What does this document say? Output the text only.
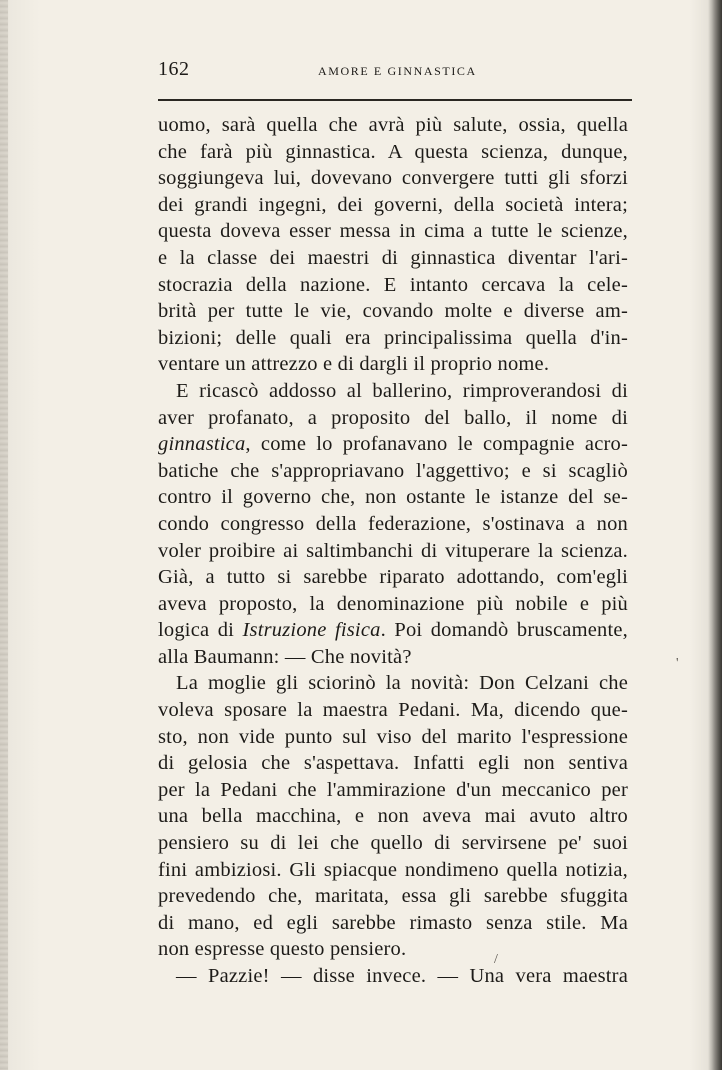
162	AMORE E GINNASTICA
uomo, sarà quella che avrà più salute, ossia, quella
che farà più ginnastica. A questa scienza, dunque,
soggiungeva lui, dovevano convergere tutti gli sforzi
dei grandi ingegni, dei governi, della società intera;
questa doveva esser messa in cima a tutte le scienze,
e la classe dei maestri di ginnastica diventar l'ari-
stocrazia della nazione. E intanto cercava la cele-
brità per tutte le vie, covando molte e diverse am-
bizioni; delle quali era principalissima quella d'in-
ventare un attrezzo e di dargli il proprio nome.
E ricascò addosso al ballerino, rimproverandosi di
aver profanato, a proposito del ballo, il nome di
ginnastica, come lo profanavano le compagnie acro-
batiche che s'appropriavano l'aggettivo; e si scagliò
contro il governo che, non ostante le istanze del se-
condo congresso della federazione, s'ostinava a non
voler proibire ai saltimbanchi di vituperare la scienza.
Già, a tutto si sarebbe riparato adottando, com'egli
aveva proposto, la denominazione più nobile e più
logica di Istruzione fisica. Poi domandò bruscamente,
alla Baumann: — Che novità?
La moglie gli sciorinò la novità: Don Celzani che
voleva sposare la maestra Pedani. Ma, dicendo que-
sto, non vide punto sul viso del marito l'espressione
di gelosia che s'aspettava. Infatti egli non sentiva
per la Pedani che l'ammirazione d'un meccanico per
una bella macchina, e non aveva mai avuto altro
pensiero su di lei che quello di servirsene pe' suoi
fini ambiziosi. Gli spiacque nondimeno quella notizia,
prevedendo che, maritata, essa gli sarebbe sfuggita
di mano, ed egli sarebbe rimasto senza stile. Ma
non espresse questo pensiero.
— Pazzie! — disse invece. — Una vera maestra
'
/
